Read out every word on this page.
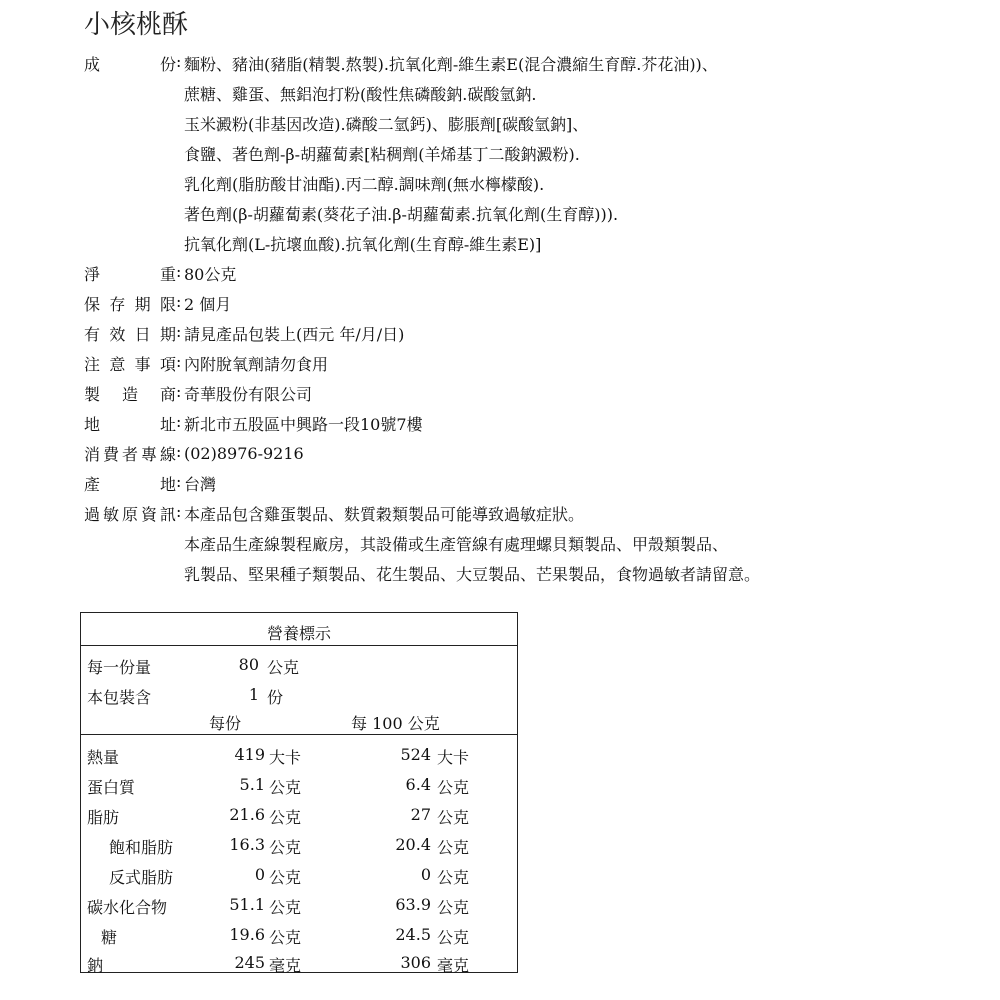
小核桃酥
成份 : 麵粉、豬油(豬脂(精製.熬製).抗氧化劑-維生素E(混合濃縮生育醇.芥花油))、
蔗糖、雞蛋、無鋁泡打粉(酸性焦磷酸鈉.碳酸氫鈉.
玉米澱粉(非基因改造).磷酸二氫鈣)、膨脹劑[碳酸氫鈉]、
食鹽、著色劑-β-胡蘿蔔素[粘稠劑(羊烯基丁二酸鈉澱粉).
乳化劑(脂肪酸甘油酯).丙二醇.調味劑(無水檸檬酸).
著色劑(β-胡蘿蔔素(葵花子油.β-胡蘿蔔素.抗氧化劑(生育醇))).
抗氧化劑(L-抗壞血酸).抗氧化劑(生育醇-維生素E)]
淨重 : 80公克
保存期限 : 2 個月
有效日期 : 請見產品包裝上(西元 年/月/日)
注意事項 : 內附脫氧劑請勿食用
製造商 : 奇華股份有限公司
地址 : 新北市五股區中興路一段10號7樓
消費者專線 : (02)8976-9216
產地 : 台灣
過敏原資訊 : 本產品包含雞蛋製品、麩質穀類製品可能導致過敏症狀。
本產品生產線製程廠房，其設備或生產管線有處理螺貝類製品、甲殼類製品、
乳製品、堅果種子類製品、花生製品、大豆製品、芒果製品，食物過敏者請留意。
營養標示
每一份量	80 公克
本包裝含	1 份
每份	每 100 公克
熱量	419 大卡	524 大卡
蛋白質	5.1 公克	6.4 公克
脂肪	21.6 公克	27 公克
飽和脂肪	16.3 公克	20.4 公克
反式脂肪	0 公克	0 公克
碳水化合物	51.1 公克	63.9 公克
糖	19.6 公克	24.5 公克
鈉	245 毫克	306 毫克
